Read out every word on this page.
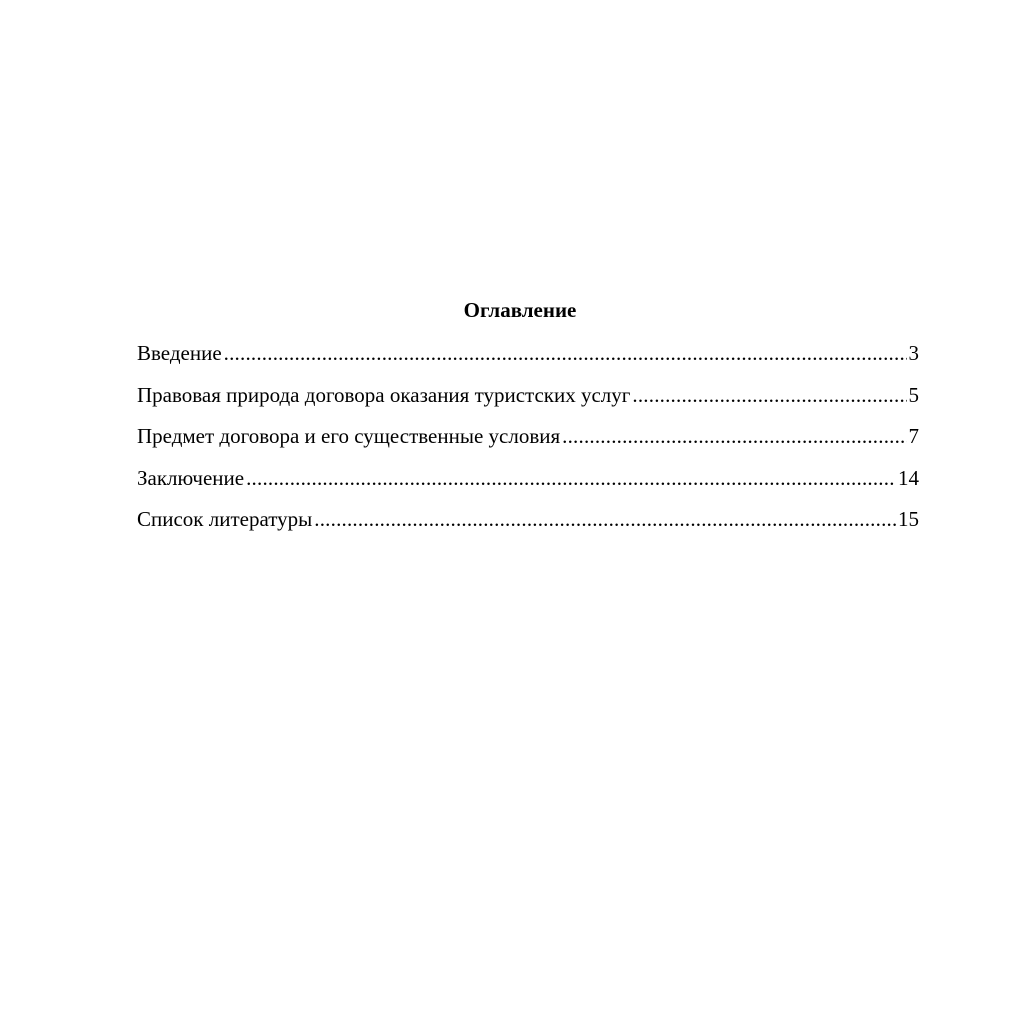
Оглавление
Введение .....	3
Правовая природа договора оказания туристских услуг .....	5
Предмет договора и его существенные условия .....	7
Заключение .....	14
Список литературы .....	15
